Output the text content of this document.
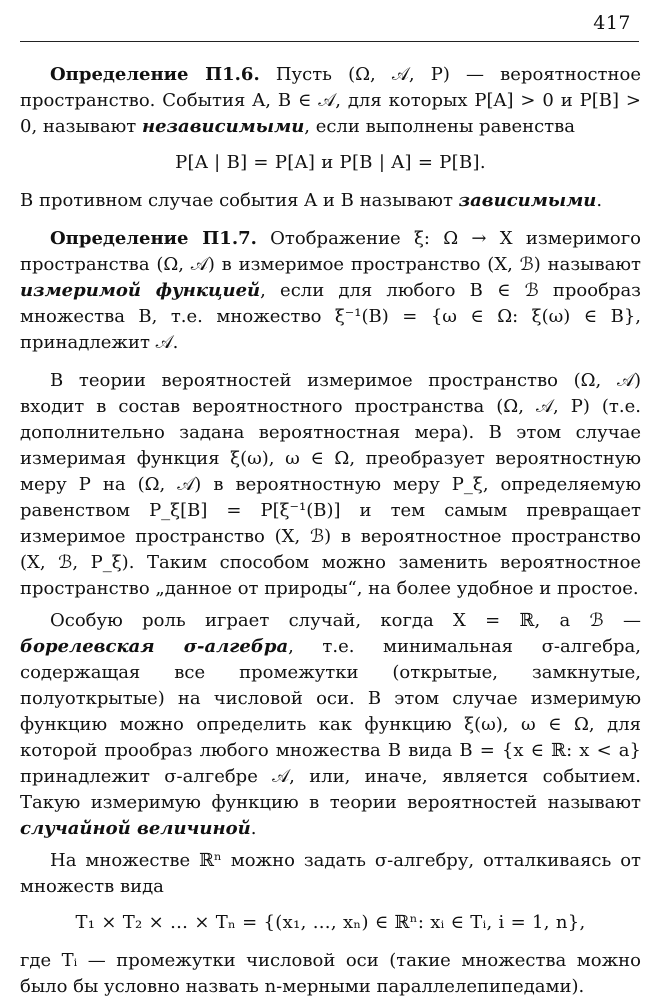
417

Определение П1.6. Пусть (Ω, 𝒜, P) — вероятностное пространство. События A, B ∈ 𝒜, для которых P[A] > 0 и P[B] > 0, называют независимыми, если выполнены равенства

P[A | B] = P[A] и P[B | A] = P[B].

В противном случае события A и B называют зависимыми.

Определение П1.7. Отображение ξ: Ω → X измеримого пространства (Ω, 𝒜) в измеримое пространство (X, ℬ) называют измеримой функцией, если для любого B ∈ ℬ прообраз множества B, т.е. множество ξ⁻¹(B) = {ω ∈ Ω: ξ(ω) ∈ B}, принадлежит 𝒜.

В теории вероятностей измеримое пространство (Ω, 𝒜) входит в состав вероятностного пространства (Ω, 𝒜, P) (т.е. дополнительно задана вероятностная мера). В этом случае измеримая функция ξ(ω), ω ∈ Ω, преобразует вероятностную меру P на (Ω, 𝒜) в вероятностную меру P_ξ, определяемую равенством P_ξ[B] = P[ξ⁻¹(B)] и тем самым превращает измеримое пространство (X, ℬ) в вероятностное пространство (X, ℬ, P_ξ). Таким способом можно заменить вероятностное пространство „данное от природы“, на более удобное и простое.

Особую роль играет случай, когда X = ℝ, а ℬ — борелевская σ-алгебра, т.е. минимальная σ-алгебра, содержащая все промежутки (открытые, замкнутые, полуоткрытые) на числовой оси. В этом случае измеримую функцию можно определить как функцию ξ(ω), ω ∈ Ω, для которой прообраз любого множества B вида B = {x ∈ ℝ: x < a} принадлежит σ-алгебре 𝒜, или, иначе, является событием. Такую измеримую функцию в теории вероятностей называют случайной величиной.

На множестве ℝⁿ можно задать σ-алгебру, отталкиваясь от множеств вида

T₁ × T₂ × … × Tₙ = {(x₁, …, xₙ) ∈ ℝⁿ: xᵢ ∈ Tᵢ, i = 1, n},

где Tᵢ — промежутки числовой оси (такие множества можно было бы условно назвать n-мерными параллелепипедами).
